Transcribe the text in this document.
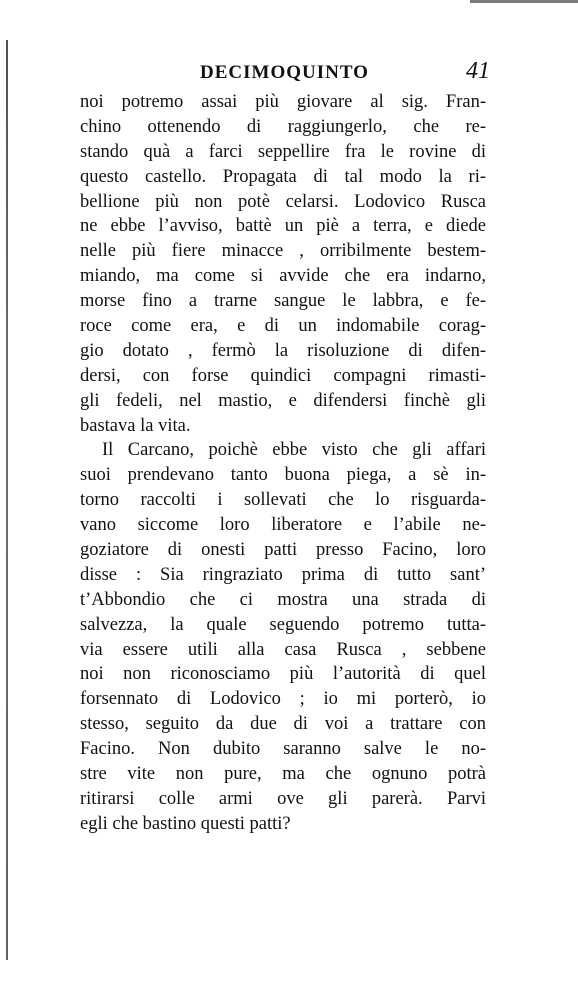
DECIMOQUINTO	41
noi potremo assai più giovare al sig. Fran-
chino ottenendo di raggiungerlo, che re-
stando quà a farci seppellire fra le rovine di
questo castello. Propagata di tal modo la ri-
bellione più non potè celarsi. Lodovico Rusca
ne ebbe l’avviso, battè un piè a terra, e diede
nelle più fiere minacce , orribilmente bestem-
miando, ma come si avvide che era indarno,
morse fino a trarne sangue le labbra, e fe-
roce come era, e di un indomabile corag-
gio dotato , fermò la risoluzione di difen-
dersi, con forse quindici compagni rimasti-
gli fedeli, nel mastio, e difendersi finchè gli
bastava la vita.
Il Carcano, poichè ebbe visto che gli affari
suoi prendevano tanto buona piega, a sè in-
torno raccolti i sollevati che lo risguarda-
vano siccome loro liberatore e l’abile ne-
goziatore di onesti patti presso Facino, loro
disse : Sia ringraziato prima di tutto sant’
t’Abbondio che ci mostra una strada di
salvezza, la quale seguendo potremo tutta-
via essere utili alla casa Rusca , sebbene
noi non riconosciamo più l’autorità di quel
forsennato di Lodovico ; io mi porterò, io
stesso, seguito da due di voi a trattare con
Facino. Non dubito saranno salve le no-
stre vite non pure, ma che ognuno potrà
ritirarsi colle armi ove gli parerà. Parvi
egli che bastino questi patti?
